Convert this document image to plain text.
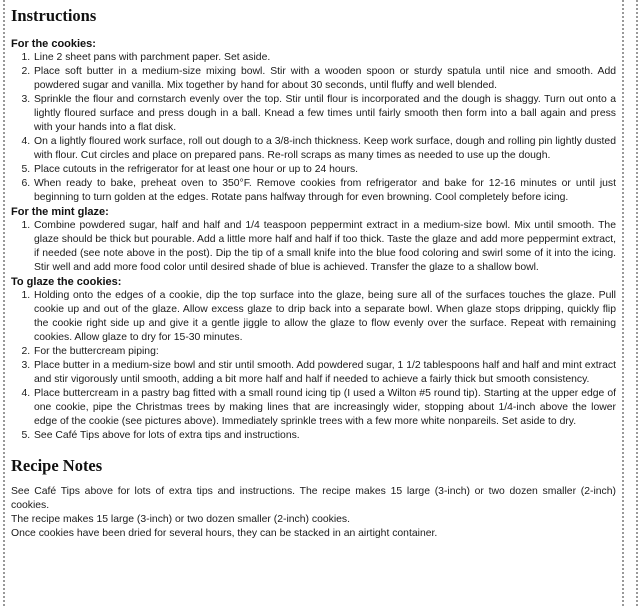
Instructions
For the cookies:
1. Line 2 sheet pans with parchment paper. Set aside.
2. Place soft butter in a medium-size mixing bowl. Stir with a wooden spoon or sturdy spatula until nice and smooth. Add powdered sugar and vanilla. Mix together by hand for about 30 seconds, until fluffy and well blended.
3. Sprinkle the flour and cornstarch evenly over the top. Stir until flour is incorporated and the dough is shaggy. Turn out onto a lightly floured surface and press dough in a ball. Knead a few times until fairly smooth then form into a ball again and press with your hands into a flat disk.
4. On a lightly floured work surface, roll out dough to a 3/8-inch thickness. Keep work surface, dough and rolling pin lightly dusted with flour. Cut circles and place on prepared pans. Re-roll scraps as many times as needed to use up the dough.
5. Place cutouts in the refrigerator for at least one hour or up to 24 hours.
6. When ready to bake, preheat oven to 350°F. Remove cookies from refrigerator and bake for 12-16 minutes or until just beginning to turn golden at the edges. Rotate pans halfway through for even browning. Cool completely before icing.
For the mint glaze:
1. Combine powdered sugar, half and half and 1/4 teaspoon peppermint extract in a medium-size bowl. Mix until smooth. The glaze should be thick but pourable. Add a little more half and half if too thick. Taste the glaze and add more peppermint extract, if needed (see note above in the post). Dip the tip of a small knife into the blue food coloring and swirl some of it into the icing. Stir well and add more food color until desired shade of blue is achieved. Transfer the glaze to a shallow bowl.
To glaze the cookies:
1. Holding onto the edges of a cookie, dip the top surface into the glaze, being sure all of the surfaces touches the glaze. Pull cookie up and out of the glaze. Allow excess glaze to drip back into a separate bowl. When glaze stops dripping, quickly flip the cookie right side up and give it a gentle jiggle to allow the glaze to flow evenly over the surface. Repeat with remaining cookies. Allow glaze to dry for 15-30 minutes.
2. For the buttercream piping:
3. Place butter in a medium-size bowl and stir until smooth. Add powdered sugar, 1 1/2 tablespoons half and half and mint extract and stir vigorously until smooth, adding a bit more half and half if needed to achieve a fairly thick but smooth consistency.
4. Place buttercream in a pastry bag fitted with a small round icing tip (I used a Wilton #5 round tip). Starting at the upper edge of one cookie, pipe the Christmas trees by making lines that are increasingly wider, stopping about 1/4-inch above the lower edge of the cookie (see pictures above). Immediately sprinkle trees with a few more white nonpareils. Set aside to dry.
5. See Café Tips above for lots of extra tips and instructions.
Recipe Notes

See Café Tips above for lots of extra tips and instructions. The recipe makes 15 large (3-inch) or two dozen smaller (2-inch) cookies.

The recipe makes 15 large (3-inch) or two dozen smaller (2-inch) cookies.

Once cookies have been dried for several hours, they can be stacked in an airtight container.
